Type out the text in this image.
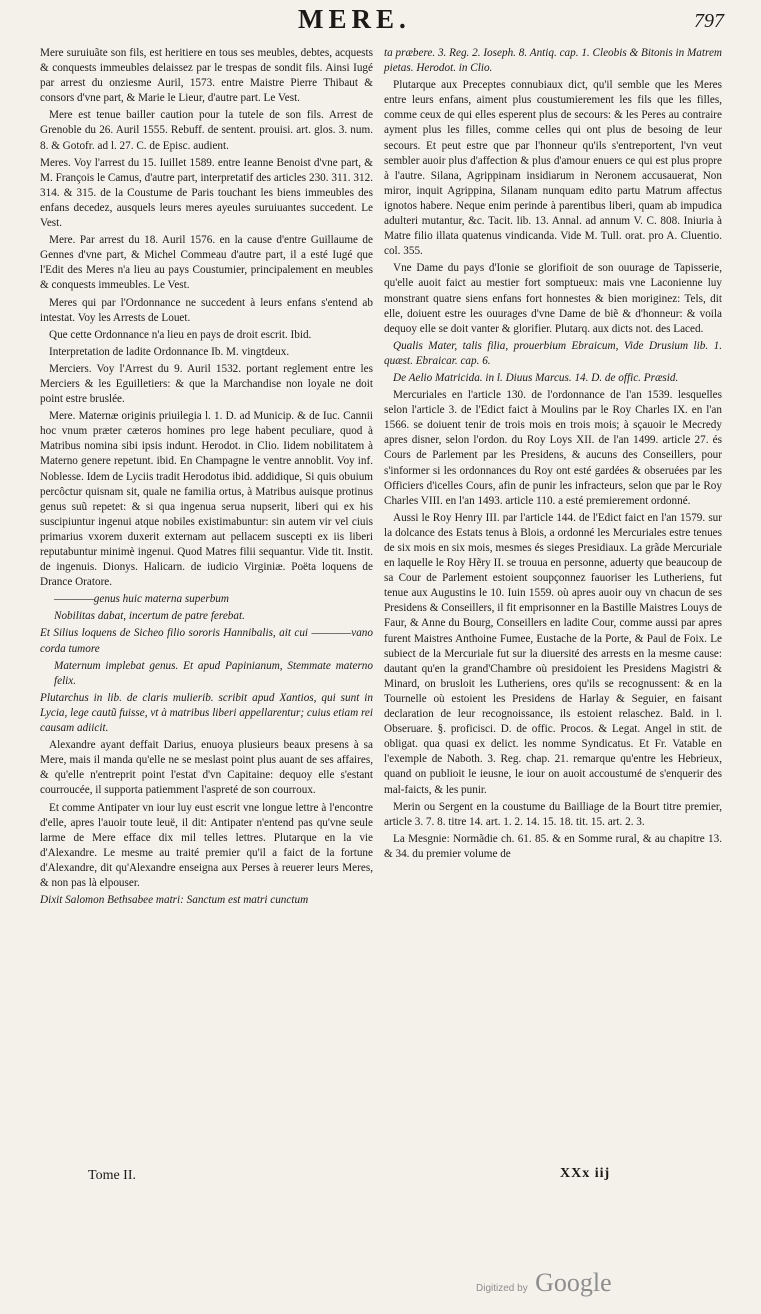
MERE.	797

Mere suruiuãte son fils, est heritiere en tous ses meubles, debtes, acquests & conquests immeubles delaissez par le trespas de sondit fils. Ainsi Iugé par arrest du onziesme Auril, 1573. entre Maistre Pierre Thibaut & consors d'vne part, & Marie le Lieur, d'autre part. Le Vest.

Mere est tenue bailler caution pour la tutele de son fils. Arrest de Grenoble du 26. Auril 1555. Rebuff. de sentent. prouisi. art. glos. 3. num. 8. & Gotofr. ad l. 27. C. de Episc. audient.

Meres. Voy l'arrest du 15. Iuillet 1589. entre Ieanne Benoist d'vne part, & M. François le Camus, d'autre part, interpretatif des articles 230. 311. 312. 314. & 315. de la Coustume de Paris touchant les biens immeubles des enfans decedez, ausquels leurs meres ayeules suruiuantes succedent. Le Vest.

Mere. Par arrest du 18. Auril 1576. en la cause d'entre Guillaume de Gennes d'vne part, & Michel Commeau d'autre part, il a esté Iugé que l'Edit des Meres n'a lieu au pays Coustumier, principalement en meubles & conquests immeubles. Le Vest.

Meres qui par l'Ordonnance ne succedent à leurs enfans s'entend ab intestat. Voy les Arrests de Louet.

Que cette Ordonnance n'a lieu en pays de droit escrit. Ibid.

Interpretation de ladite Ordonnance Ib. M. vingtdeux.

Merciers. Voy l'Arrest du 9. Auril 1532. portant reglement entre les Merciers & les Eguilletiers: & que la Marchandise non loyale ne doit point estre bruslée.

Mere. Maternæ originis priuilegia l. 1. D. ad Municip. & de Iuc. Cannii hoc vnum præter cæteros homines pro lege habent peculiare, quod à Matribus nomina sibi ipsis indunt. Herodot. in Clio. Iidem nobilitatem à Materno genere repetunt. ibid. En Champagne le ventre annoblit. Voy inf. Noblesse. Idem de Lyciis tradit Herodotus ibid. addidique, Si quis obuium percôctur quisnam sit, quale ne familia ortus, à Matribus auisque protinus genus suũ repetet: & si qua ingenua serua nupserit, liberi qui ex his suscipiuntur ingenui atque nobiles existimabuntur: sin autem vir vel ciuis primarius vxorem duxerit externam aut pellacem suscepti ex iis liberi reputabuntur minimè ingenui. Quod Matres filii sequantur. Vide tit. Instit. de ingenuis. Dionys. Halicarn. de iudicio Virginiæ. Poëta loquens de Drance Oratore.

————genus huic materna superbum

Nobilitas dabat, incertum de patre ferebat.

Et Silius loquens de Sicheo filio sororis Hannibalis, ait cui ————vano corda tumore

Maternum implebat genus. Et apud Papinianum, Stemmate materno felix.

Plutarchus in lib. de claris mulierib. scribit apud Xantios, qui sunt in Lycia, lege cautũ fuisse, vt à matribus liberi appellarentur; cuius etiam rei causam adiicit.

Alexandre ayant deffait Darius, enuoya plusieurs beaux presens à sa Mere, mais il manda qu'elle ne se meslast point plus auant de ses affaires, & qu'elle n'entreprit point l'estat d'vn Capitaine: dequoy elle s'estant courroucée, il supporta patiemment l'aspreté de son courroux.

Et comme Antipater vn iour luy eust escrit vne longue lettre à l'encontre d'elle, apres l'auoir toute leuë, il dit: Antipater n'entend pas qu'vne seule larme de Mere efface dix mil telles lettres. Plutarque en la vie d'Alexandre. Le mesme au traité premier qu'il a faict de la fortune d'Alexandre, dit qu'Alexandre enseigna aux Perses à reuerer leurs Meres, & non pas là elpouser.

Dixit Salomon Bethsabee matri: Sanctum est matri cunctum

ta præbere. 3. Reg. 2. Ioseph. 8. Antiq. cap. 1. Cleobis & Bitonis in Matrem pietas. Herodot. in Clio.

Plutarque aux Preceptes connubiaux dict, qu'il semble que les Meres entre leurs enfans, aiment plus coustumierement les fils que les filles, comme ceux de qui elles esperent plus de secours: & les Peres au contraire ayment plus les filles, comme celles qui ont plus de besoing de leur secours. Et peut estre que par l'honneur qu'ils s'entreportent, l'vn veut sembler auoir plus d'affection & plus d'amour enuers ce qui est plus propre à l'autre. Silana, Agrippinam insidiarum in Neronem accusauerat, Non miror, inquit Agrippina, Silanam nunquam edito partu Matrum affectus ignotos habere. Neque enim perinde à parentibus liberi, quam ab impudica adulteri mutantur, &c. Tacit. lib. 13. Annal. ad annum V. C. 808. Iniuria à Matre filio illata quatenus vindicanda. Vide M. Tull. orat. pro A. Cluentio. col. 355.

Vne Dame du pays d'Ionie se glorifioit de son ouurage de Tapisserie, qu'elle auoit faict au mestier fort somptueux: mais vne Laconienne luy monstrant quatre siens enfans fort honnestes & bien moriginez: Tels, dit elle, doiuent estre les ouurages d'vne Dame de biẽ & d'honneur: & voila dequoy elle se doit vanter & glorifier. Plutarq. aux dicts not. des Laced.

Qualis Mater, talis filia, prouerbium Ebraicum, Vide Drusium lib. 1. quæst. Ebraicar. cap. 6.

De Aelio Matricida. in l. Diuus Marcus. 14. D. de offic. Præsid.

Mercuriales en l'article 130. de l'ordonnance de l'an 1539. lesquelles selon l'article 3. de l'Edict faict à Moulins par le Roy Charles IX. en l'an 1566. se doiuent tenir de trois mois en trois mois; à sçauoir le Mecredy apres disner, selon l'ordon. du Roy Loys XII. de l'an 1499. article 27. és Cours de Parlement par les Presidens, & aucuns des Conseillers, pour s'informer si les ordonnances du Roy ont esté gardées & obseruées par les Officiers d'icelles Cours, afin de punir les infracteurs, selon que par le Roy Charles VIII. en l'an 1493. article 110. a esté premierement ordonné.

Aussi le Roy Henry III. par l'article 144. de l'Edict faict en l'an 1579. sur la dolcance des Estats tenus à Blois, a ordonné les Mercuriales estre tenues de six mois en six mois, mesmes és sieges Presidiaux. La grãde Mercuriale en laquelle le Roy Hẽry II. se trouua en personne, aduerty que beaucoup de sa Cour de Parlement estoient soupçonnez fauoriser les Lutheriens, fut tenue aux Augustins le 10. Iuin 1559. où apres auoir ouy vn chacun de ses Presidens & Conseillers, il fit emprisonner en la Bastille Maistres Louys de Faur, & Anne du Bourg, Conseillers en ladite Cour, comme aussi par apres furent Maistres Anthoine Fumee, Eustache de la Porte, & Paul de Foix. Le subiect de la Mercuriale fut sur la diuersité des arrests en la mesme cause: dautant qu'en la grand'Chambre où presidoient les Presidens Magistri & Minard, on brusloit les Lutheriens, ores qu'ils se recognussent: & en la Tournelle où estoient les Presidens de Harlay & Seguier, en faisant declaration de leur recognoissance, ils estoient relaschez. Bald. in l. Obseruare. §. proficisci. D. de offic. Procos. & Legat. Angel in stit. de obligat. qua quasi ex delict. les nomme Syndicatus. Et Fr. Vatable en l'exemple de Naboth. 3. Reg. chap. 21. remarque qu'entre les Hebrieux, quand on publioit le ieusne, le iour on auoit accoustumé de s'enquerir des mal-faicts, & les punir.

Merin ou Sergent en la coustume du Bailliage de la Bourt titre premier, article 3. 7. 8. titre 14. art. 1. 2. 14. 15. 18. tit. 15. art. 2. 3.

La Mesgnie: Normãdie ch. 61. 85. & en Somme rural, & au chapitre 13. & 34. du premier volume de

Tome II.	XXx iij
Digitized by Google
